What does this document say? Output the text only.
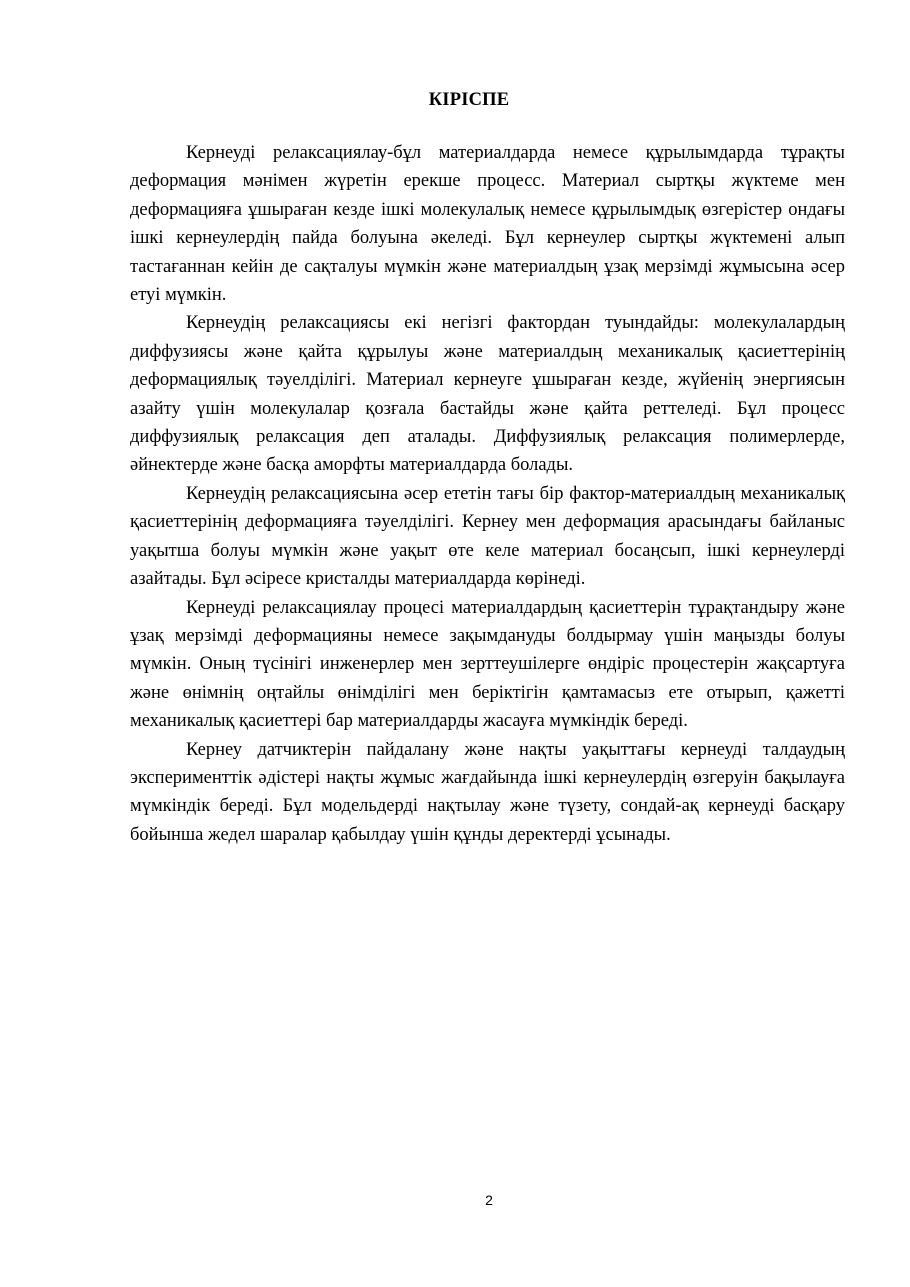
КІРІСПЕ

Кернеуді релаксациялау-бұл материалдарда немесе құрылымдарда тұрақты деформация мәнімен жүретін ерекше процесс. Материал сыртқы жүктеме мен деформацияға ұшыраған кезде ішкі молекулалық немесе құрылымдық өзгерістер ондағы ішкі кернеулердің пайда болуына әкеледі. Бұл кернеулер сыртқы жүктемені алып тастағаннан кейін де сақталуы мүмкін және материалдың ұзақ мерзімді жұмысына әсер етуі мүмкін.

Кернеудің релаксациясы екі негізгі фактордан туындайды: молекулалардың диффузиясы және қайта құрылуы және материалдың механикалық қасиеттерінің деформациялық тәуелділігі. Материал кернеуге ұшыраған кезде, жүйенің энергиясын азайту үшін молекулалар қозғала бастайды және қайта реттеледі. Бұл процесс диффузиялық релаксация деп аталады. Диффузиялық релаксация полимерлерде, әйнектерде және басқа аморфты материалдарда болады.

Кернеудің релаксациясына әсер ететін тағы бір фактор-материалдың механикалық қасиеттерінің деформацияға тәуелділігі. Кернеу мен деформация арасындағы байланыс уақытша болуы мүмкін және уақыт өте келе материал босаңсып, ішкі кернеулерді азайтады. Бұл әсіресе кристалды материалдарда көрінеді.

Кернеуді релаксациялау процесі материалдардың қасиеттерін тұрақтандыру және ұзақ мерзімді деформацияны немесе зақымдануды болдырмау үшін маңызды болуы мүмкін. Оның түсінігі инженерлер мен зерттеушілерге өндіріс процестерін жақсартуға және өнімнің оңтайлы өнімділігі мен беріктігін қамтамасыз ете отырып, қажетті механикалық қасиеттері бар материалдарды жасауға мүмкіндік береді.

Кернеу датчиктерін пайдалану және нақты уақыттағы кернеуді талдаудың эксперименттік әдістері нақты жұмыс жағдайында ішкі кернеулердің өзгеруін бақылауға мүмкіндік береді. Бұл модельдерді нақтылау және түзету, сондай-ақ кернеуді басқару бойынша жедел шаралар қабылдау үшін құнды деректерді ұсынады.

2
